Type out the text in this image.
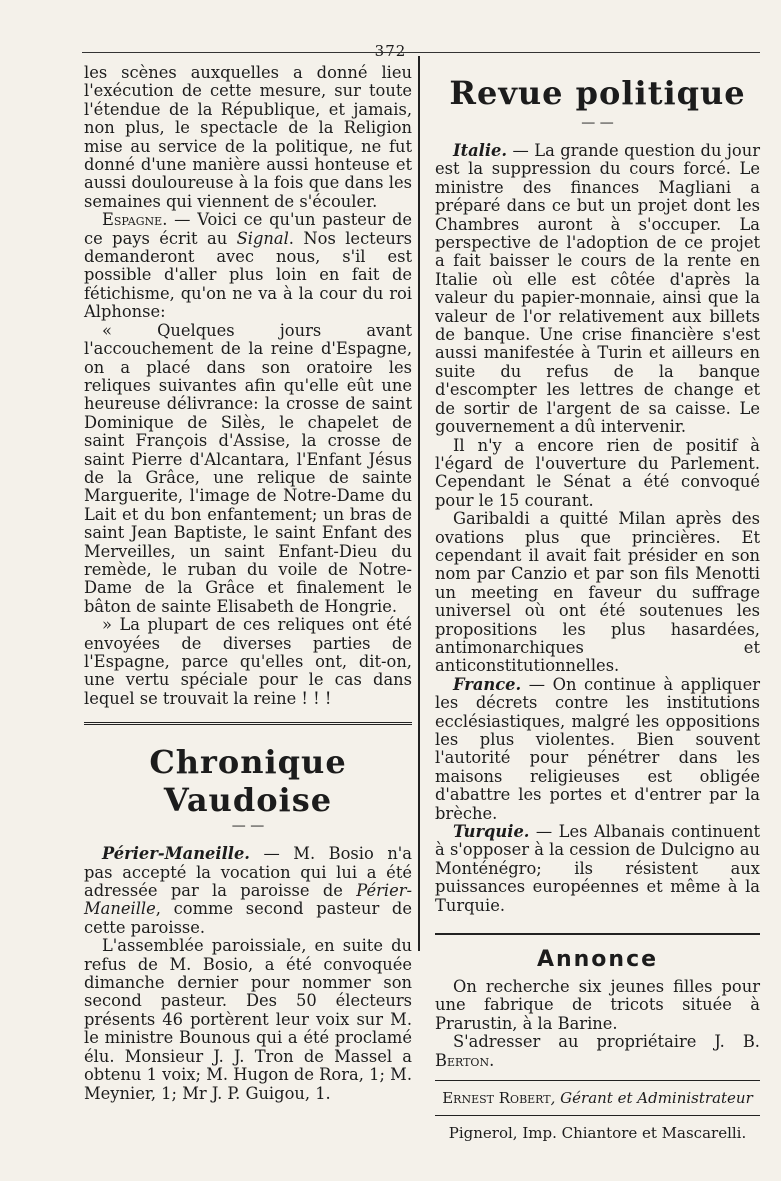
372

les scènes auxquelles a donné lieu l'exécution de cette mesure, sur toute l'étendue de la République, et jamais, non plus, le spectacle de la Religion mise au service de la politique, ne fut donné d'une manière aussi honteuse et aussi douloureuse à la fois que dans les semaines qui viennent de s'écouler.

Espagne. — Voici ce qu'un pasteur de ce pays écrit au Signal. Nos lecteurs demanderont avec nous, s'il est possible d'aller plus loin en fait de fétichisme, qu'on ne va à la cour du roi Alphonse:

« Quelques jours avant l'accouchement de la reine d'Espagne, on a placé dans son oratoire les reliques suivantes afin qu'elle eût une heureuse délivrance: la crosse de saint Dominique de Silès, le chapelet de saint François d'Assise, la crosse de saint Pierre d'Alcantara, l'Enfant Jésus de la Grâce, une relique de sainte Marguerite, l'image de Notre-Dame du Lait et du bon enfantement; un bras de saint Jean Baptiste, le saint Enfant des Merveilles, un saint Enfant-Dieu du remède, le ruban du voile de Notre-Dame de la Grâce et finalement le bâton de sainte Elisabeth de Hongrie.

» La plupart de ces reliques ont été envoyées de diverses parties de l'Espagne, parce qu'elles ont, dit-on, une vertu spéciale pour le cas dans lequel se trouvait la reine ! ! !

Chronique Vaudoise
— —

Périer-Maneille. — M. Bosio n'a pas accepté la vocation qui lui a été adressée par la paroisse de Périer-Maneille, comme second pasteur de cette paroisse.

L'assemblée paroissiale, en suite du refus de M. Bosio, a été convoquée dimanche dernier pour nommer son second pasteur. Des 50 électeurs présents 46 portèrent leur voix sur M. le ministre Bounous qui a été proclamé élu. Monsieur J. J. Tron de Massel a obtenu 1 voix; M. Hugon de Rora, 1; M. Meynier, 1; Mr J. P. Guigou, 1.

Revue politique
— —

Italie. — La grande question du jour est la suppression du cours forcé. Le ministre des finances Magliani a préparé dans ce but un projet dont les Chambres auront à s'occuper. La perspective de l'adoption de ce projet a fait baisser le cours de la rente en Italie où elle est côtée d'après la valeur du papier-monnaie, ainsi que la valeur de l'or relativement aux billets de banque. Une crise financière s'est aussi manifestée à Turin et ailleurs en suite du refus de la banque d'escompter les lettres de change et de sortir de l'argent de sa caisse. Le gouvernement a dû intervenir.

Il n'y a encore rien de positif à l'égard de l'ouverture du Parlement. Cependant le Sénat a été convoqué pour le 15 courant.

Garibaldi a quitté Milan après des ovations plus que princières. Et cependant il avait fait présider en son nom par Canzio et par son fils Menotti un meeting en faveur du suffrage universel où ont été soutenues les propositions les plus hasardées, antimonarchiques et anticonstitutionnelles.

France. — On continue à appliquer les décrets contre les institutions ecclésiastiques, malgré les oppositions les plus violentes. Bien souvent l'autorité pour pénétrer dans les maisons religieuses est obligée d'abattre les portes et d'entrer par la brèche.

Turquie. — Les Albanais continuent à s'opposer à la cession de Dulcigno au Monténégro; ils résistent aux puissances européennes et même à la Turquie.

Annonce

On recherche six jeunes filles pour une fabrique de tricots située à Prarustin, à la Barine.

S'adresser au propriétaire J. B. Berton.

Ernest Robert, Gérant et Administrateur
Pignerol, Imp. Chiantore et Mascarelli.
